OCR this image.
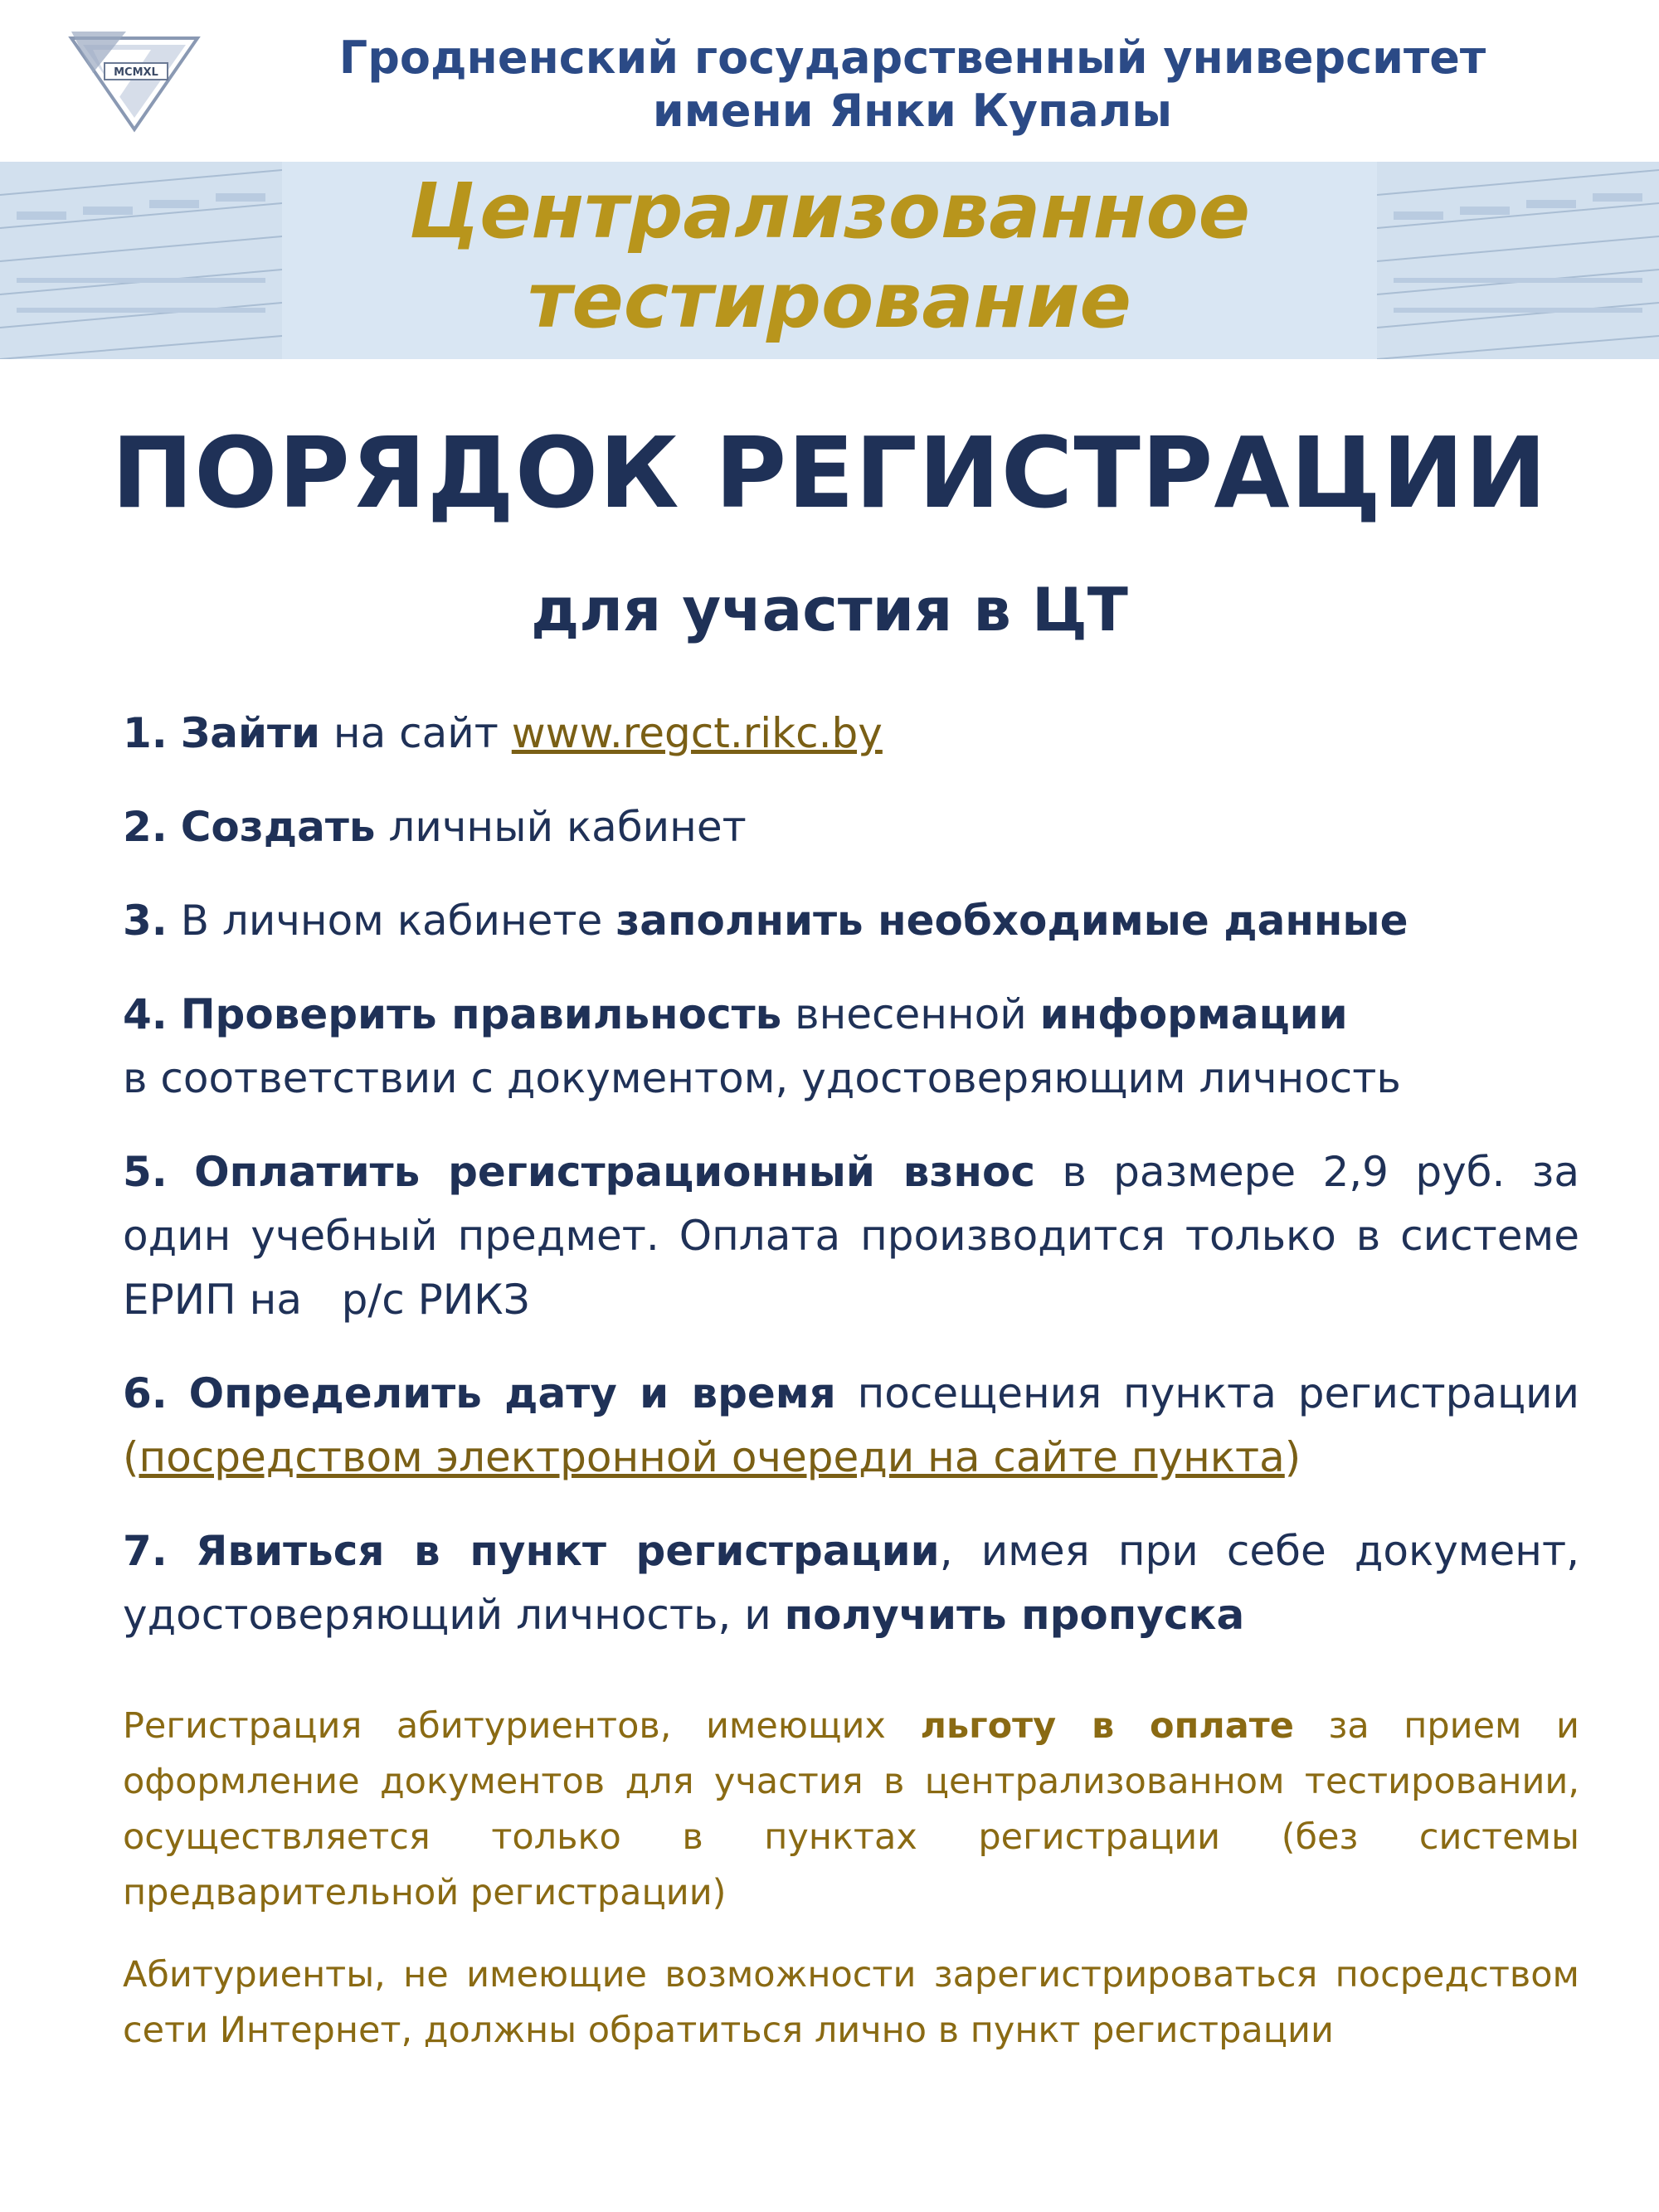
MCMXL	Гродненский государственный университет
имени Янки Купалы
Централизованное
тестирование
ПОРЯДОК РЕГИСТРАЦИИ
для участия в ЦТ
1. Зайти на сайт www.regct.rikc.by
2. Создать личный кабинет
3. В личном кабинете заполнить необходимые данные
4. Проверить правильность внесенной информации
в соответствии с документом, удостоверяющим личность
5. Оплатить регистрационный взнос в размере 2,9 руб. за один учебный предмет. Оплата производится только в системе ЕРИП на   р/с РИКЗ
6. Определить дату и время посещения пункта регистрации (посредством электронной очереди на сайте пункта)
7. Явиться в пункт регистрации, имея при себе документ, удостоверяющий личность, и получить пропуска
Регистрация абитуриентов, имеющих льготу в оплате за прием и оформление документов для участия в централизованном тестировании, осуществляется только в пунктах регистрации (без системы предварительной регистрации)
Абитуриенты, не имеющие возможности зарегистрироваться посредством сети Интернет, должны обратиться лично в пункт регистрации
